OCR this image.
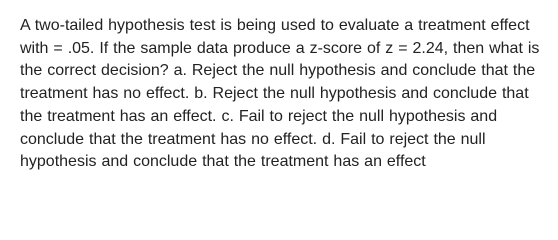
A two-tailed hypothesis test is being used to evaluate a treatment effect with = .05. If the sample data produce a z-score of z = 2.24, then what is the correct decision? a. Reject the null hypothesis and conclude that the treatment has no effect. b. Reject the null hypothesis and conclude that the treatment has an effect. c. Fail to reject the null hypothesis and conclude that the treatment has no effect. d. Fail to reject the null hypothesis and conclude that the treatment has an effect
